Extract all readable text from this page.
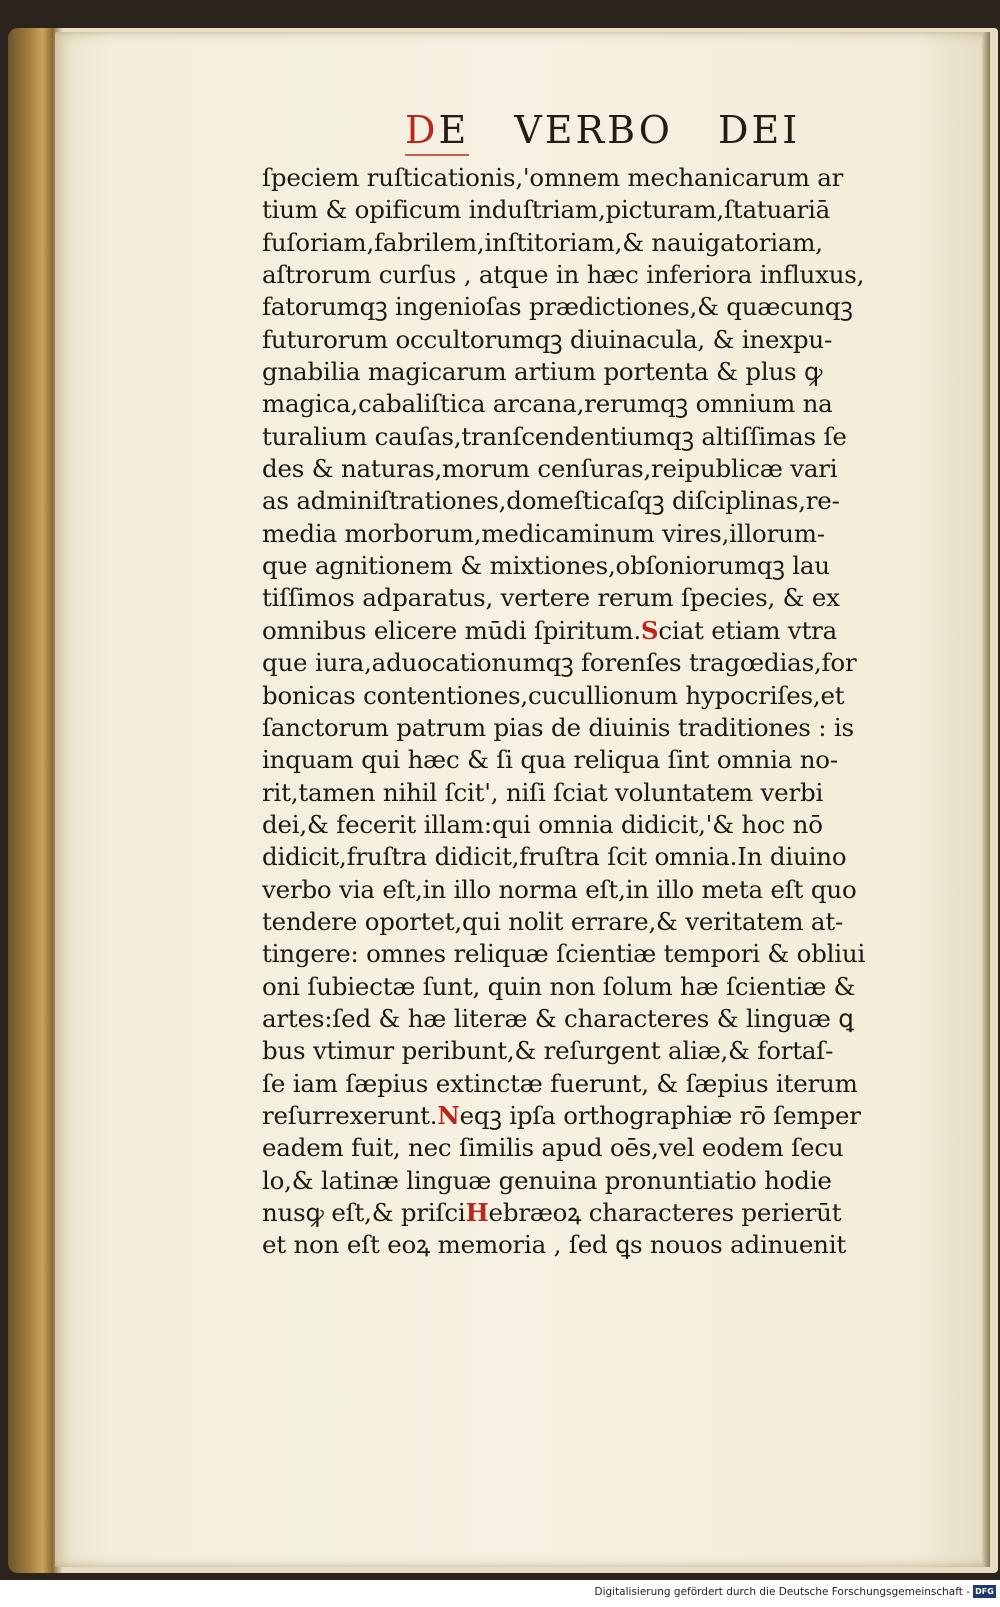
DE VERBO DEI
ſpeciem ruſticationis,'omnem mechanicarum ar
tium & opificum induſtriam,picturam,ſtatuariā
fuſoriam,fabrilem,inſtitoriam,& nauigatoriam,
aſtrorum curſus , atque in hæc inferiora influxus,
fatorumqꝫ ingenioſas prædictiones,& quæcunqꝫ
futurorum occultorumqꝫ diuinacula, & inexpu-
gnabilia magicarum artium portenta & plus ꝙ
magica,cabaliſtica arcana,rerumqꝫ omnium na
turalium cauſas,tranſcendentiumqꝫ altiſſimas ſe
des & naturas,morum cenſuras,reipublicæ vari
as adminiſtrationes,domeſticaſqꝫ diſciplinas,re-
media morborum,medicaminum vires,illorum-
que agnitionem & mixtiones,obſoniorumqꝫ lau
tiſſimos adparatus, vertere rerum ſpecies, & ex
omnibus elicere mūdi ſpiritum.Sciat etiam vtra
que iura,aduocationumqꝫ forenſes tragœdias,for
bonicas contentiones,cucullionum hypocriſes,et
ſanctorum patrum pias de diuinis traditiones : is
inquam qui hæc & ſi qua reliqua ſint omnia no-
rit,tamen nihil ſcit', niſi ſciat voluntatem verbi
dei,& fecerit illam:qui omnia didicit,'& hoc nō
didicit,fruſtra didicit,fruſtra ſcit omnia.In diuino
verbo via eſt,in illo norma eſt,in illo meta eſt quo
tendere oportet,qui nolit errare,& veritatem at-
tingere: omnes reliquæ ſcientiæ tempori & obliui
oni ſubiectæ ſunt, quin non ſolum hæ ſcientiæ &
artes:ſed & hæ literæ & characteres & linguæ ꝗ
bus vtimur peribunt,& reſurgent aliæ,& fortaſ-
ſe iam ſæpius extinctæ fuerunt, & ſæpius iterum
reſurrexerunt.Neqꝫ ipſa orthographiæ rō ſemper
eadem fuit, nec ſimilis apud oēs,vel eodem ſecu
lo,& latinæ linguæ genuina pronuntiatio hodie
nusꝙ eſt,& priſciHebræoꝝ characteres perierūt
et non eſt eoꝝ memoria , ſed ꝗs nouos adinuenit
Digitalisierung gefördert durch die Deutsche Forschungsgemeinschaft - DFG
